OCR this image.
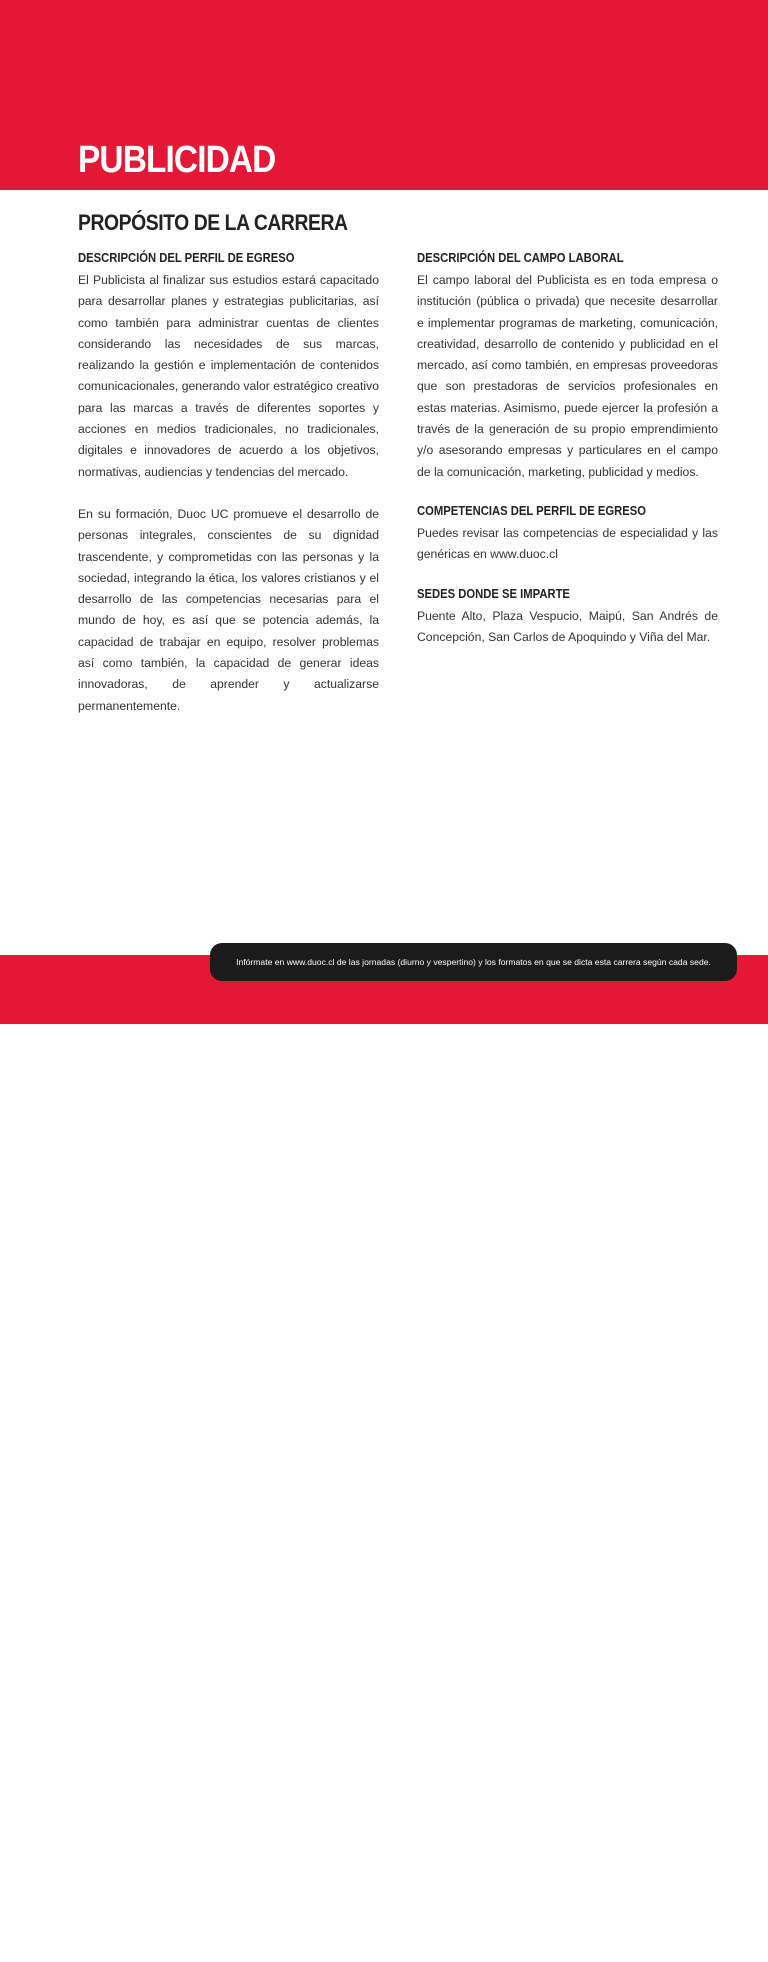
PUBLICIDAD
PROPÓSITO DE LA CARRERA
DESCRIPCIÓN DEL PERFIL DE EGRESO

El Publicista al finalizar sus estudios estará capacitado para desarrollar planes y estrategias publicitarias, así como también para administrar cuentas de clientes considerando las necesidades de sus marcas, realizando la gestión e implementación de contenidos comunicacionales, generando valor estratégico creativo para las marcas a través de diferentes soportes y acciones en medios tradicionales, no tradicionales, digitales e innovadores de acuerdo a los objetivos, normativas, audiencias y tendencias del mercado.

En su formación, Duoc UC promueve el desarrollo de personas integrales, conscientes de su dignidad trascendente, y comprometidas con las personas y la sociedad, integrando la ética, los valores cristianos y el desarrollo de las competencias necesarias para el mundo de hoy, es así que se potencia además, la capacidad de trabajar en equipo, resolver problemas así como también, la capacidad de generar ideas innovadoras, de aprender y actualizarse permanentemente.

DESCRIPCIÓN DEL CAMPO LABORAL

El campo laboral del Publicista es en toda empresa o institución (pública o privada) que necesite desarrollar e implementar programas de marketing, comunicación, creatividad, desarrollo de contenido y publicidad en el mercado, así como también, en empresas proveedoras que son prestadoras de servicios profesionales en estas materias. Asimismo, puede ejercer la profesión a través de la generación de su propio emprendimiento y/o asesorando empresas y particulares en el campo de la comunicación, marketing, publicidad y medios.

COMPETENCIAS DEL PERFIL DE EGRESO

Puedes revisar las competencias de especialidad y las genéricas en www.duoc.cl

SEDES DONDE SE IMPARTE

Puente Alto, Plaza Vespucio, Maipú, San Andrés de Concepción, San Carlos de Apoquindo y Viña del Mar.

Duoc UC®
Infórmate en www.duoc.cl de las jornadas (diurno y vespertino) y los formatos en que se dicta esta carrera según cada sede.
